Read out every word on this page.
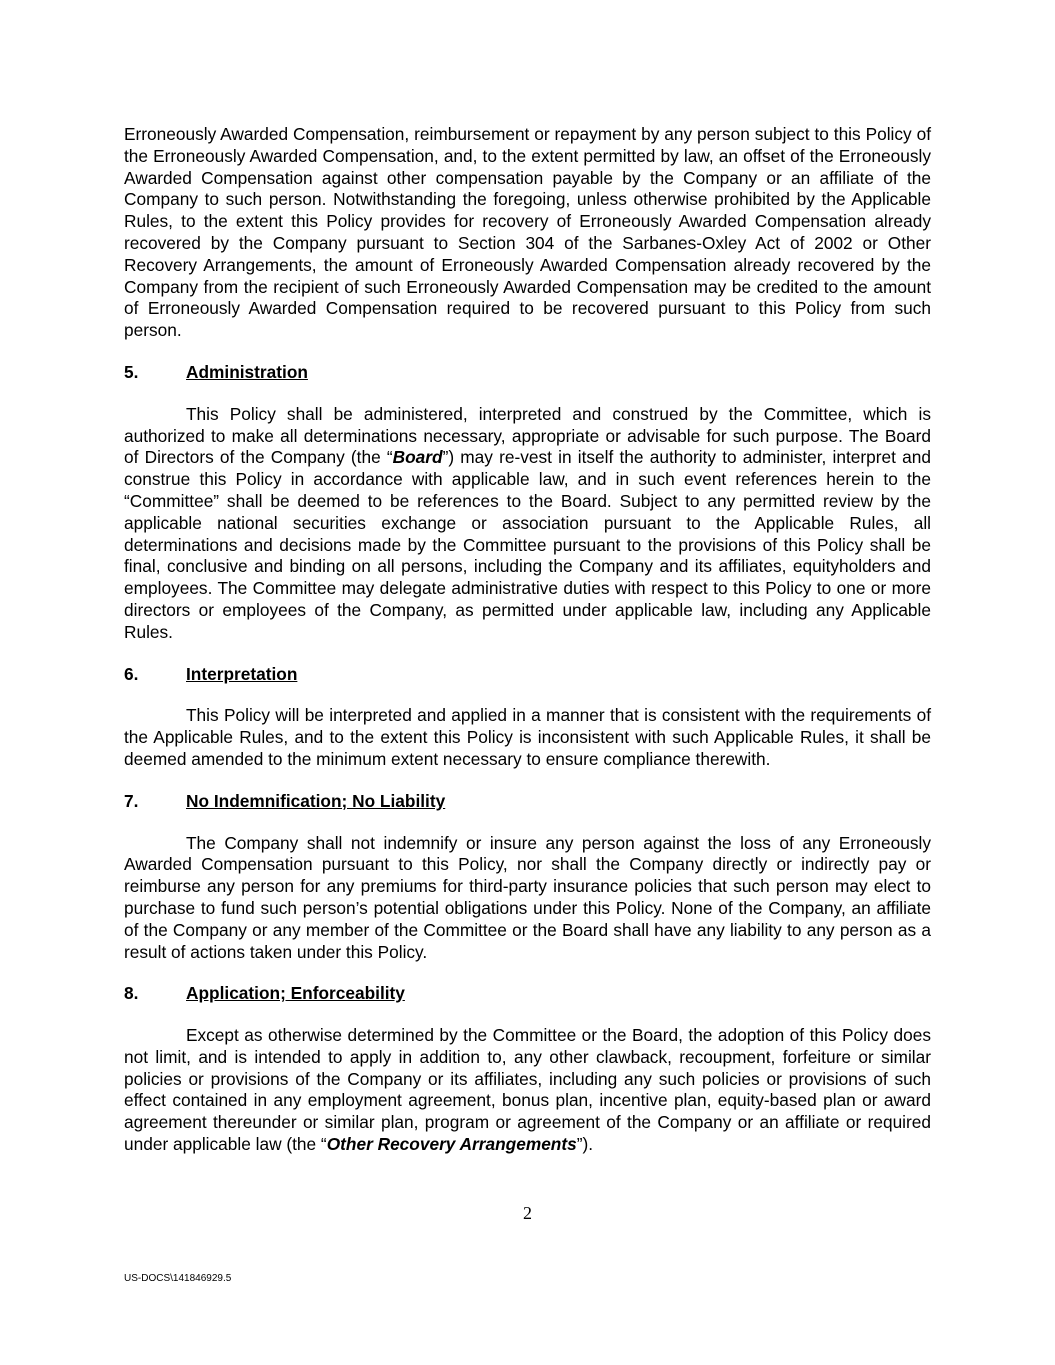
Erroneously Awarded Compensation, reimbursement or repayment by any person subject to this Policy of the Erroneously Awarded Compensation, and, to the extent permitted by law, an offset of the Erroneously Awarded Compensation against other compensation payable by the Company or an affiliate of the Company to such person. Notwithstanding the foregoing, unless otherwise prohibited by the Applicable Rules, to the extent this Policy provides for recovery of Erroneously Awarded Compensation already recovered by the Company pursuant to Section 304 of the Sarbanes-Oxley Act of 2002 or Other Recovery Arrangements, the amount of Erroneously Awarded Compensation already recovered by the Company from the recipient of such Erroneously Awarded Compensation may be credited to the amount of Erroneously Awarded Compensation required to be recovered pursuant to this Policy from such person.

5.	Administration

This Policy shall be administered, interpreted and construed by the Committee, which is authorized to make all determinations necessary, appropriate or advisable for such purpose. The Board of Directors of the Company (the “Board”) may re-vest in itself the authority to administer, interpret and construe this Policy in accordance with applicable law, and in such event references herein to the “Committee” shall be deemed to be references to the Board. Subject to any permitted review by the applicable national securities exchange or association pursuant to the Applicable Rules, all determinations and decisions made by the Committee pursuant to the provisions of this Policy shall be final, conclusive and binding on all persons, including the Company and its affiliates, equityholders and employees. The Committee may delegate administrative duties with respect to this Policy to one or more directors or employees of the Company, as permitted under applicable law, including any Applicable Rules.

6.	Interpretation

This Policy will be interpreted and applied in a manner that is consistent with the requirements of the Applicable Rules, and to the extent this Policy is inconsistent with such Applicable Rules, it shall be deemed amended to the minimum extent necessary to ensure compliance therewith.

7.	No Indemnification; No Liability

The Company shall not indemnify or insure any person against the loss of any Erroneously Awarded Compensation pursuant to this Policy, nor shall the Company directly or indirectly pay or reimburse any person for any premiums for third-party insurance policies that such person may elect to purchase to fund such person’s potential obligations under this Policy. None of the Company, an affiliate of the Company or any member of the Committee or the Board shall have any liability to any person as a result of actions taken under this Policy.

8.	Application; Enforceability

Except as otherwise determined by the Committee or the Board, the adoption of this Policy does not limit, and is intended to apply in addition to, any other clawback, recoupment, forfeiture or similar policies or provisions of the Company or its affiliates, including any such policies or provisions of such effect contained in any employment agreement, bonus plan, incentive plan, equity-based plan or award agreement thereunder or similar plan, program or agreement of the Company or an affiliate or required under applicable law (the “Other Recovery Arrangements”).

2
US-DOCS\141846929.5
